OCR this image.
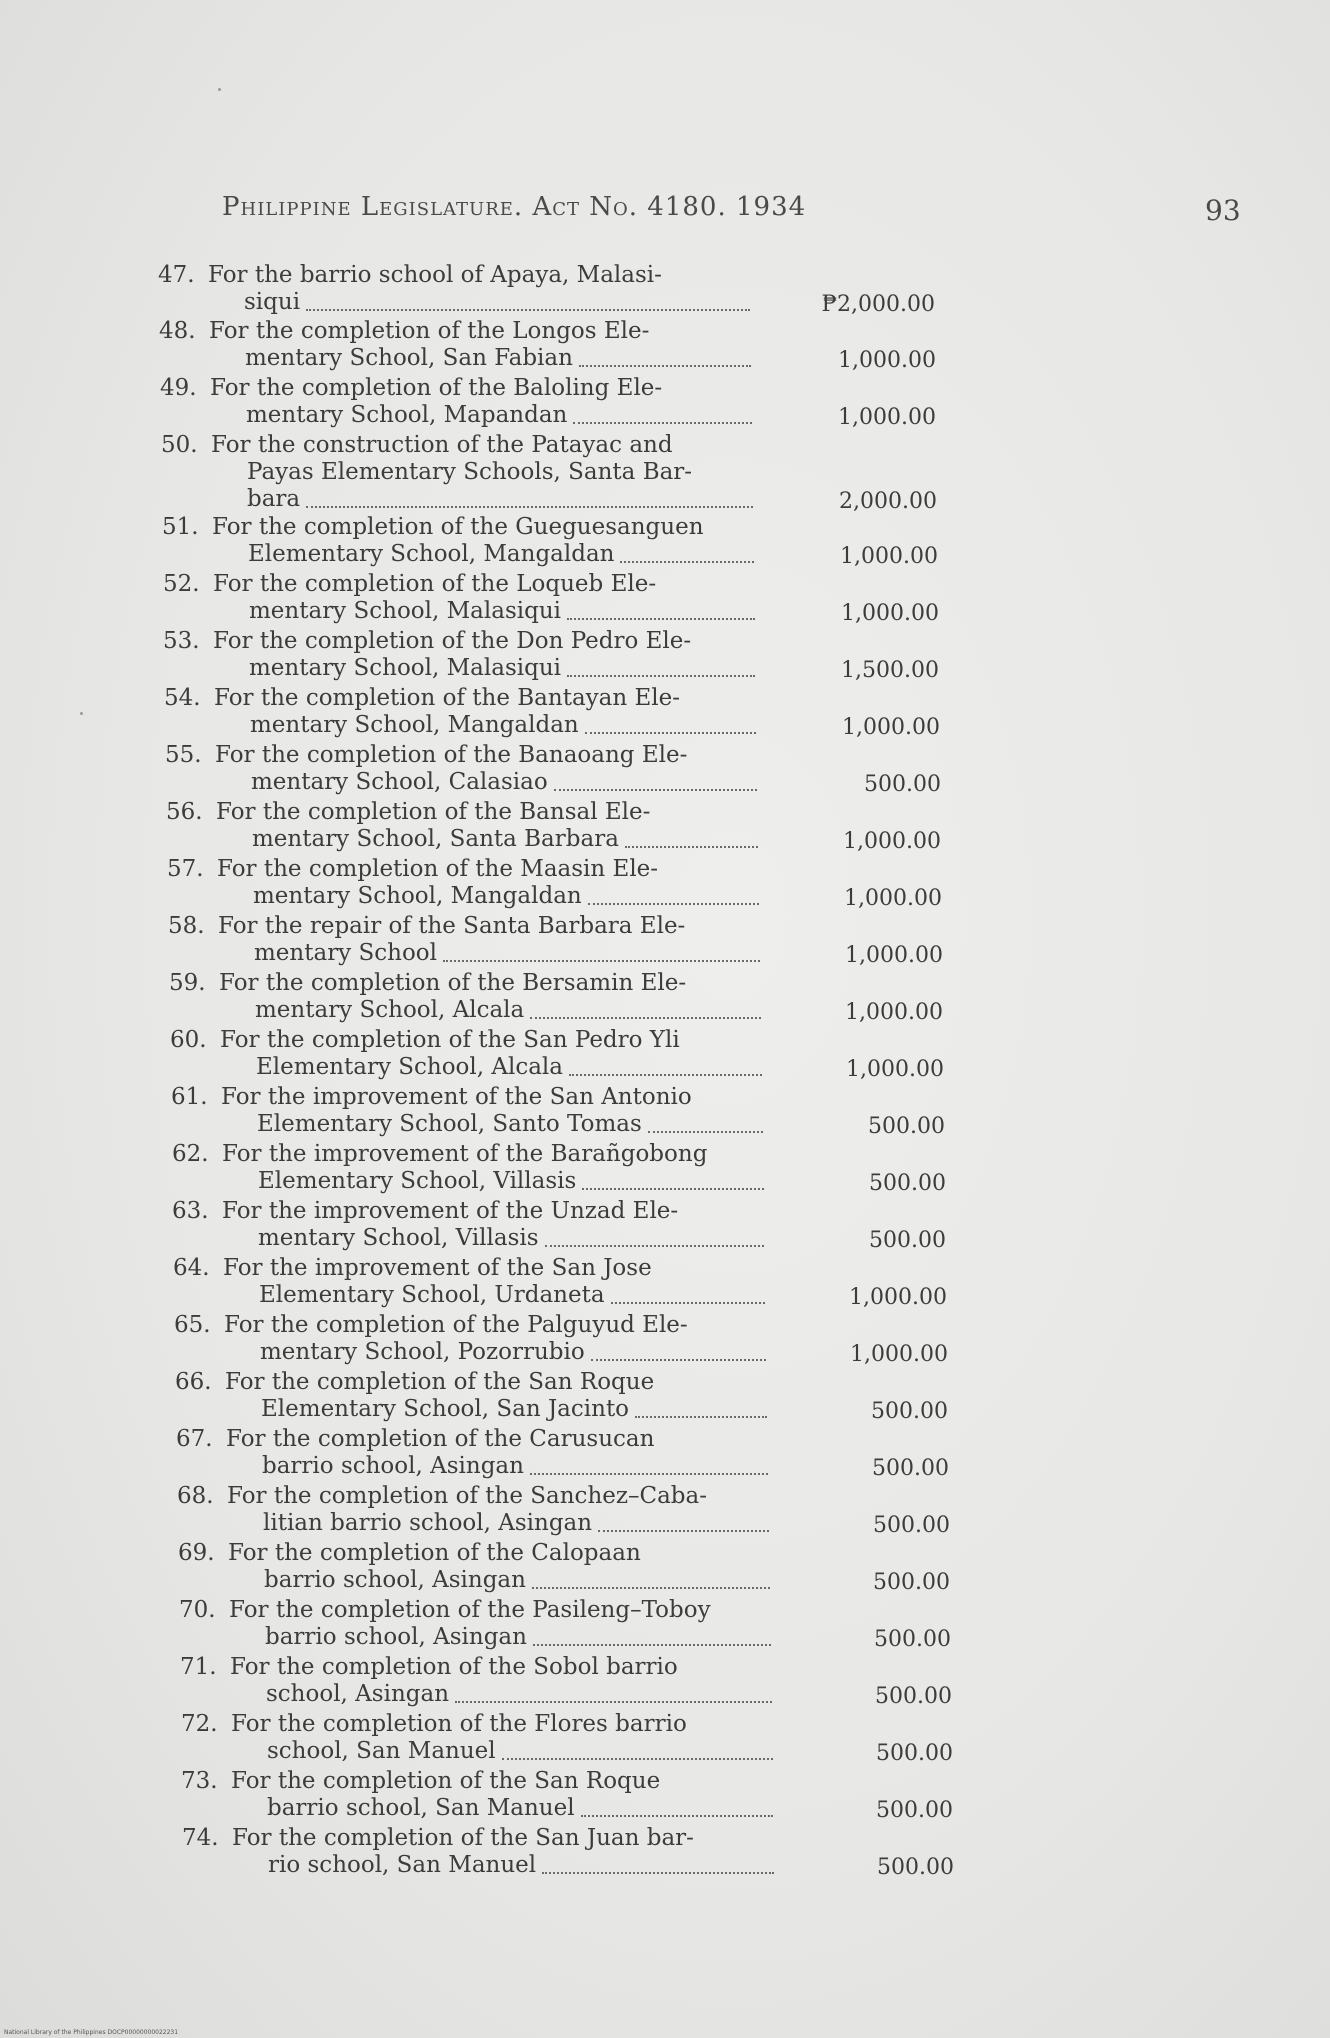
Philippine Legislature. Act No. 4180. 1934	93
47. For the barrio school of Apaya, Malasi-
siqui	₱2,000.00
48. For the completion of the Longos Ele-
mentary School, San Fabian	1,000.00
49. For the completion of the Baloling Ele-
mentary School, Mapandan	1,000.00
50. For the construction of the Patayac and
Payas Elementary Schools, Santa Bar-
bara	2,000.00
51. For the completion of the Gueguesanguen
Elementary School, Mangaldan	1,000.00
52. For the completion of the Loqueb Ele-
mentary School, Malasiqui	1,000.00
53. For the completion of the Don Pedro Ele-
mentary School, Malasiqui	1,500.00
54. For the completion of the Bantayan Ele-
mentary School, Mangaldan	1,000.00
55. For the completion of the Banaoang Ele-
mentary School, Calasiao	500.00
56. For the completion of the Bansal Ele-
mentary School, Santa Barbara	1,000.00
57. For the completion of the Maasin Ele-
mentary School, Mangaldan	1,000.00
58. For the repair of the Santa Barbara Ele-
mentary School	1,000.00
59. For the completion of the Bersamin Ele-
mentary School, Alcala	1,000.00
60. For the completion of the San Pedro Yli
Elementary School, Alcala	1,000.00
61. For the improvement of the San Antonio
Elementary School, Santo Tomas	500.00
62. For the improvement of the Barañgobong
Elementary School, Villasis	500.00
63. For the improvement of the Unzad Ele-
mentary School, Villasis	500.00
64. For the improvement of the San Jose
Elementary School, Urdaneta	1,000.00
65. For the completion of the Palguyud Ele-
mentary School, Pozorrubio	1,000.00
66. For the completion of the San Roque
Elementary School, San Jacinto	500.00
67. For the completion of the Carusucan
barrio school, Asingan	500.00
68. For the completion of the Sanchez–Caba-
litian barrio school, Asingan	500.00
69. For the completion of the Calopaan
barrio school, Asingan	500.00
70. For the completion of the Pasileng–Toboy
barrio school, Asingan	500.00
71. For the completion of the Sobol barrio
school, Asingan	500.00
72. For the completion of the Flores barrio
school, San Manuel	500.00
73. For the completion of the San Roque
barrio school, San Manuel	500.00
74. For the completion of the San Juan bar-
rio school, San Manuel	500.00
National Library of the Philippines DOCP00000000022231
